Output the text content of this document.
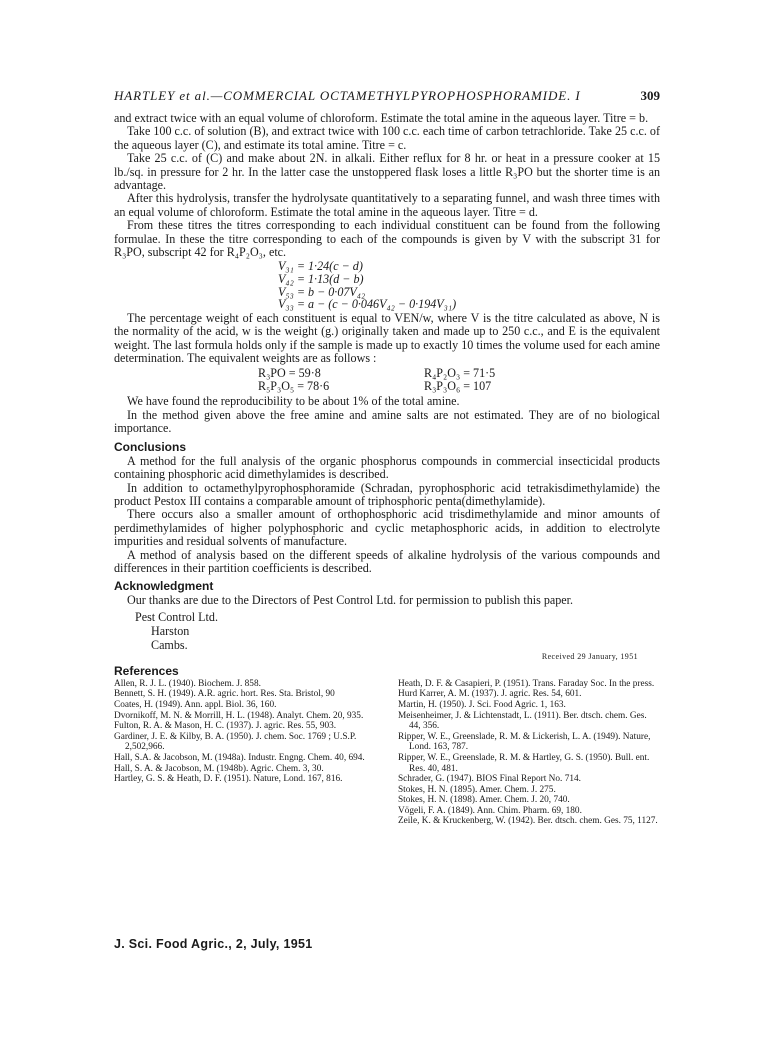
HARTLEY et al.—COMMERCIAL OCTAMETHYLPYROPHOSPHORAMIDE. I	309

and extract twice with an equal volume of chloroform. Estimate the total amine in the aqueous layer. Titre = b.

Take 100 c.c. of solution (B), and extract twice with 100 c.c. each time of carbon tetrachloride. Take 25 c.c. of the aqueous layer (C), and estimate its total amine. Titre = c.

Take 25 c.c. of (C) and make about 2N. in alkali. Either reflux for 8 hr. or heat in a pressure cooker at 15 lb./sq. in pressure for 2 hr. In the latter case the unstoppered flask loses a little R₃PO but the shorter time is an advantage.

After this hydrolysis, transfer the hydrolysate quantitatively to a separating funnel, and wash three times with an equal volume of chloroform. Estimate the total amine in the aqueous layer. Titre = d.

From these titres the titres corresponding to each individual constituent can be found from the following formulae. In these the titre corresponding to each of the compounds is given by V with the subscript 31 for R₃PO, subscript 42 for R₄P₂O₃, etc.

V₃₁ = 1·24(c − d)
V₄₂ = 1·13(d − b)
V₅₃ = b − 0·07V₄₂
V₃₃ = a − (c − 0·046V₄₂ − 0·194V₃₁)

The percentage weight of each constituent is equal to VEN/w, where V is the titre calculated as above, N is the normality of the acid, w is the weight (g.) originally taken and made up to 250 c.c., and E is the equivalent weight. The last formula holds only if the sample is made up to exactly 10 times the volume used for each amine determination. The equivalent weights are as follows :

R₃PO = 59·8	R₄P₂O₃ = 71·5
R₅P₃O₅ = 78·6	R₃P₃O₆ = 107

We have found the reproducibility to be about 1% of the total amine.

In the method given above the free amine and amine salts are not estimated. They are of no biological importance.

Conclusions

A method for the full analysis of the organic phosphorus compounds in commercial insecticidal products containing phosphoric acid dimethylamides is described.

In addition to octamethylpyrophosphoramide (Schradan, pyrophosphoric acid tetrakisdimethylamide) the product Pestox III contains a comparable amount of triphosphoric penta(dimethylamide).

There occurs also a smaller amount of orthophosphoric acid trisdimethylamide and minor amounts of perdimethylamides of higher polyphosphoric and cyclic metaphosphoric acids, in addition to electrolyte impurities and residual solvents of manufacture.

A method of analysis based on the different speeds of alkaline hydrolysis of the various compounds and differences in their partition coefficients is described.

Acknowledgment

Our thanks are due to the Directors of Pest Control Ltd. for permission to publish this paper.

Pest Control Ltd.
Harston
Cambs.
Received 29 January, 1951
References
Allen, R. J. L. (1940). Biochem. J. 858.
Bennett, S. H. (1949). A.R. agric. hort. Res. Sta. Bristol, 90
Coates, H. (1949). Ann. appl. Biol. 36, 160.
Dvornikoff, M. N. & Morrill, H. L. (1948). Analyt. Chem. 20, 935.
Fulton, R. A. & Mason, H. C. (1937). J. agric. Res. 55, 903.
Gardiner, J. E. & Kilby, B. A. (1950). J. chem. Soc. 1769 ; U.S.P. 2,502,966.
Hall, S.A. & Jacobson, M. (1948a). Industr. Engng. Chem. 40, 694.
Hall, S. A. & Jacobson, M. (1948b). Agric. Chem. 3, 30.
Hartley, G. S. & Heath, D. F. (1951). Nature, Lond. 167, 816.
Heath, D. F. & Casapieri, P. (1951). Trans. Faraday Soc. In the press.
Hurd Karrer, A. M. (1937). J. agric. Res. 54, 601.
Martin, H. (1950). J. Sci. Food Agric. 1, 163.
Meisenheimer, J. & Lichtenstadt, L. (1911). Ber. dtsch. chem. Ges. 44, 356.
Ripper, W. E., Greenslade, R. M. & Lickerish, L. A. (1949). Nature, Lond. 163, 787.
Ripper, W. E., Greenslade, R. M. & Hartley, G. S. (1950). Bull. ent. Res. 40, 481.
Schrader, G. (1947). BIOS Final Report No. 714.
Stokes, H. N. (1895). Amer. Chem. J. 275.
Stokes, H. N. (1898). Amer. Chem. J. 20, 740.
Vögeli, F. A. (1849). Ann. Chim. Pharm. 69, 180.
Zeile, K. & Kruckenberg, W. (1942). Ber. dtsch. chem. Ges. 75, 1127.
J. Sci. Food Agric., 2, July, 1951
